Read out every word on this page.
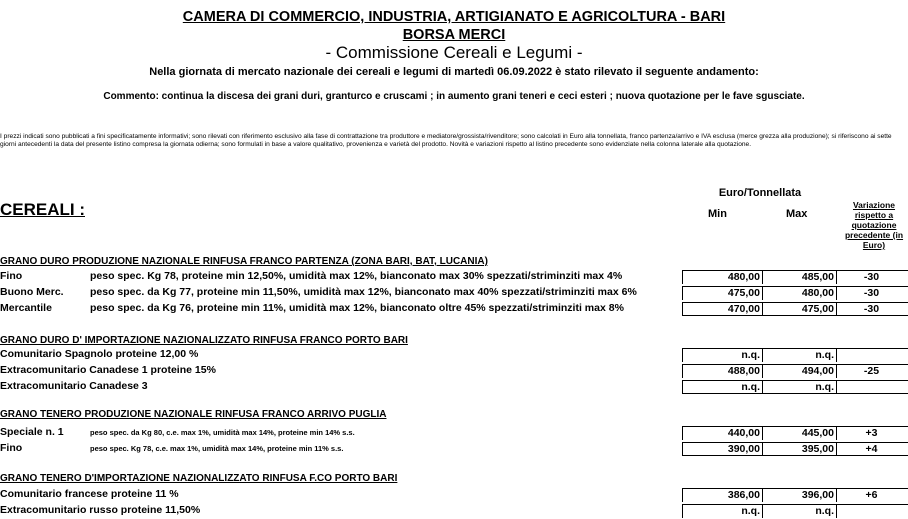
CAMERA DI COMMERCIO, INDUSTRIA, ARTIGIANATO E AGRICOLTURA - BARI
BORSA MERCI
- Commissione Cereali e Legumi -
Nella giornata di mercato nazionale dei cereali e legumi di martedì 06.09.2022 è stato rilevato il seguente andamento:
Commento: continua la discesa dei grani duri, granturco e cruscami ; in aumento grani teneri e ceci esteri ; nuova quotazione per le fave sgusciate.
I prezzi indicati sono pubblicati a fini specificatamente informativi; sono rilevati con riferimento esclusivo alla fase di contrattazione tra produttore e mediatore/grossista/rivenditore; sono calcolati in Euro alla tonnellata, franco partenza/arrivo e IVA esclusa (merce grezza alla produzione); si riferiscono ai sette giorni antecedenti la data del presente listino compresa la giornata odierna; sono formulati in base a valore qualitativo, provenienza e varietà del prodotto. Novità e variazioni rispetto al listino precedente sono evidenziate nella colonna laterale alla quotazione.
Euro/Tonnellata
Min	Max
Variazione rispetto a quotazione precedente (in Euro)
CEREALI :
GRANO DURO PRODUZIONE NAZIONALE RINFUSA FRANCO PARTENZA (ZONA BARI, BAT, LUCANIA)
Fino	peso spec. Kg 78, proteine min 12,50%, umidità max 12%, bianconato max 30% spezzati/striminziti max 4%	480,00	485,00	-30
Buono Merc.	peso spec. da Kg 77, proteine min 11,50%, umidità max 12%, bianconato max 40% spezzati/striminziti max 6%	475,00	480,00	-30
Mercantile	peso spec. da Kg 76, proteine min 11%, umidità max 12%, bianconato oltre 45% spezzati/striminziti max 8%	470,00	475,00	-30
GRANO DURO D' IMPORTAZIONE NAZIONALIZZATO RINFUSA FRANCO PORTO BARI
Comunitario Spagnolo proteine 12,00 %	n.q.	n.q.
Extracomunitario Canadese 1 proteine 15%	488,00	494,00	-25
Extracomunitario Canadese 3	n.q.	n.q.
GRANO TENERO PRODUZIONE NAZIONALE RINFUSA FRANCO ARRIVO PUGLIA
Speciale n. 1	peso spec. da Kg 80, c.e. max 1%, umidità max 14%, proteine min 14% s.s.	440,00	445,00	+3
Fino	peso spec. Kg 78, c.e. max 1%, umidità max 14%, proteine min 11% s.s.	390,00	395,00	+4
GRANO TENERO D'IMPORTAZIONE NAZIONALIZZATO RINFUSA F.CO PORTO BARI
Comunitario francese proteine 11 %	386,00	396,00	+6
Extracomunitario russo proteine 11,50%	n.q.	n.q.
